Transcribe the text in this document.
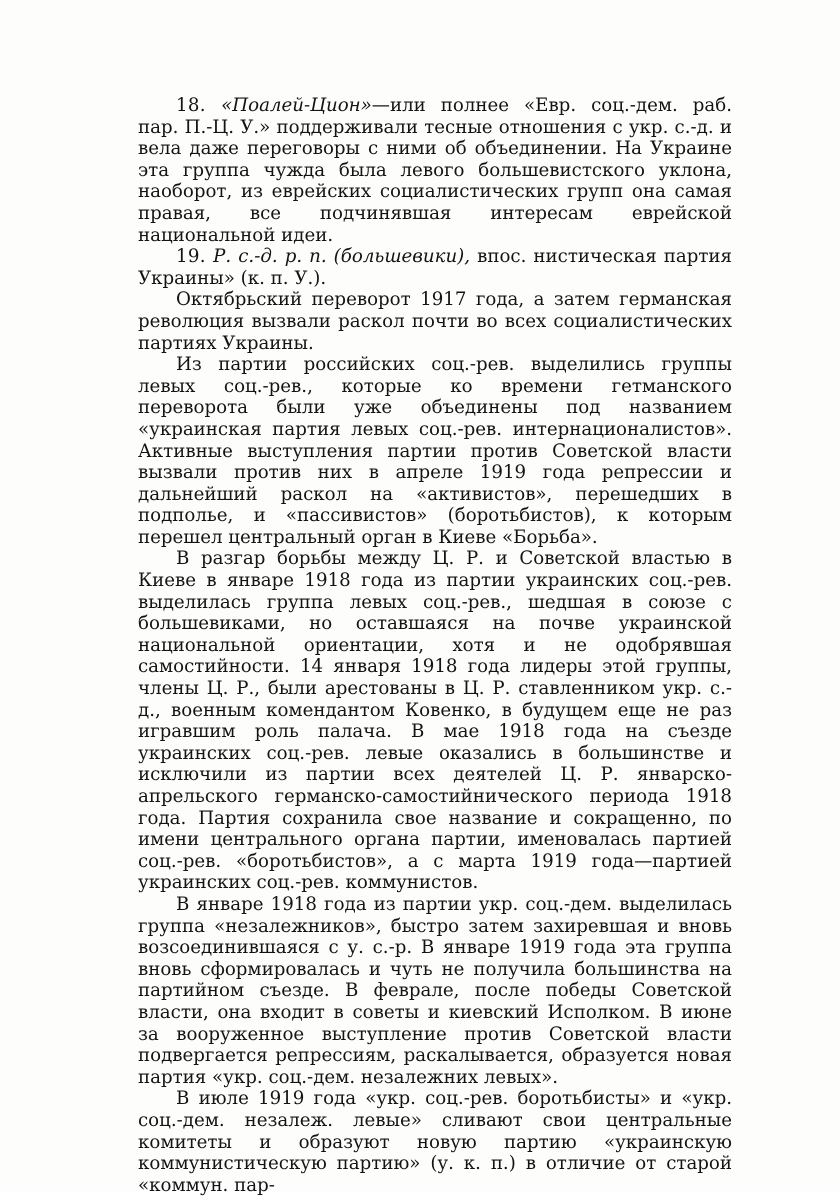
18. «Поалей-Цион»—или полнее «Евр. соц.-дем. раб. пар. П.-Ц. У.» поддерживали тесные отношения с укр. с.-д. и вела даже переговоры с ними об объединении. На Украине эта группа чужда была левого большевистского уклона, наоборот, из еврейских социалистических групп она самая правая, все подчинявшая интересам еврейской национальной идеи.

19. Р. с.-д. р. п. (большевики), впос. нистическая партия Украины» (к. п. У.).

Октябрьский переворот 1917 года, а затем германская революция вызвали раскол почти во всех социалистических партиях Украины.

Из партии российских соц.-рев. выделились группы левых соц.-рев., которые ко времени гетманского переворота были уже объединены под названием «украинская партия левых соц.-рев. интернационалистов». Активные выступления партии против Советской власти вызвали против них в апреле 1919 года репрессии и дальнейший раскол на «активистов», перешедших в подполье, и «пассивистов» (боротьбистов), к которым перешел центральный орган в Киеве «Борьба».

В разгар борьбы между Ц. Р. и Советской властью в Киеве в январе 1918 года из партии украинских соц.-рев. выделилась группа левых соц.-рев., шедшая в союзе с большевиками, но оставшаяся на почве украинской национальной ориентации, хотя и не одобрявшая самостийности. 14 января 1918 года лидеры этой группы, члены Ц. Р., были арестованы в Ц. Р. ставленником укр. с.-д., военным комендантом Ковенко, в будущем еще не раз игравшим роль палача. В мае 1918 года на съезде украинских соц.-рев. левые оказались в большинстве и исключили из партии всех деятелей Ц. Р. январско-апрельского германско-самостийнического периода 1918 года. Партия сохранила свое название и сокращенно, по имени центрального органа партии, именовалась партией соц.-рев. «боротьбистов», а с марта 1919 года—партией украинских соц.-рев. коммунистов.

В январе 1918 года из партии укр. соц.-дем. выделилась группа «незалежников», быстро затем захиревшая и вновь возсоединившаяся с у. с.-р. В январе 1919 года эта группа вновь сформировалась и чуть не получила большинства на партийном съезде. В феврале, после победы Советской власти, она входит в советы и киевский Исполком. В июне за вооруженное выступление против Советской власти подвергается репрессиям, раскалывается, образуется новая партия «укр. соц.-дем. незалежних левых».

В июле 1919 года «укр. соц.-рев. боротьбисты» и «укр. соц.-дем. незалеж. левые» сливают свои центральные комитеты и образуют новую партию «украинскую коммунистическую партию» (у. к. п.) в отличие от старой «коммун. пар-
